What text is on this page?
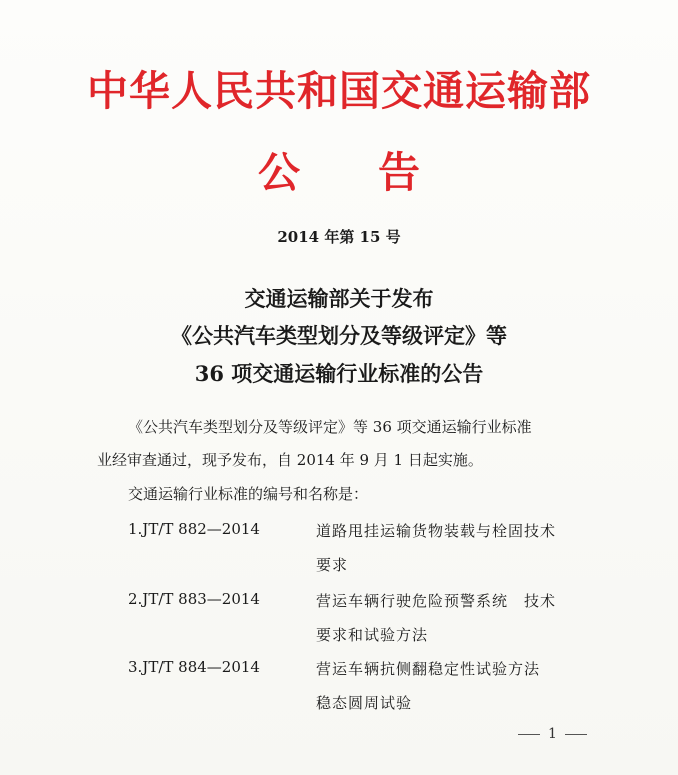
中华人民共和国交通运输部
公告
2014 年第 15 号
交通运输部关于发布
《公共汽车类型划分及等级评定》等
36 项交通运输行业标准的公告
《公共汽车类型划分及等级评定》等 36 项交通运输行业标准
业经审查通过，现予发布，自 2014 年 9 月 1 日起实施。
交通运输行业标准的编号和名称是：
1.JT/T 882—2014	道路甩挂运输货物装载与栓固技术
要求
2.JT/T 883—2014	营运车辆行驶危险预警系统　技术
要求和试验方法
3.JT/T 884—2014	营运车辆抗侧翻稳定性试验方法
稳态圆周试验
1
